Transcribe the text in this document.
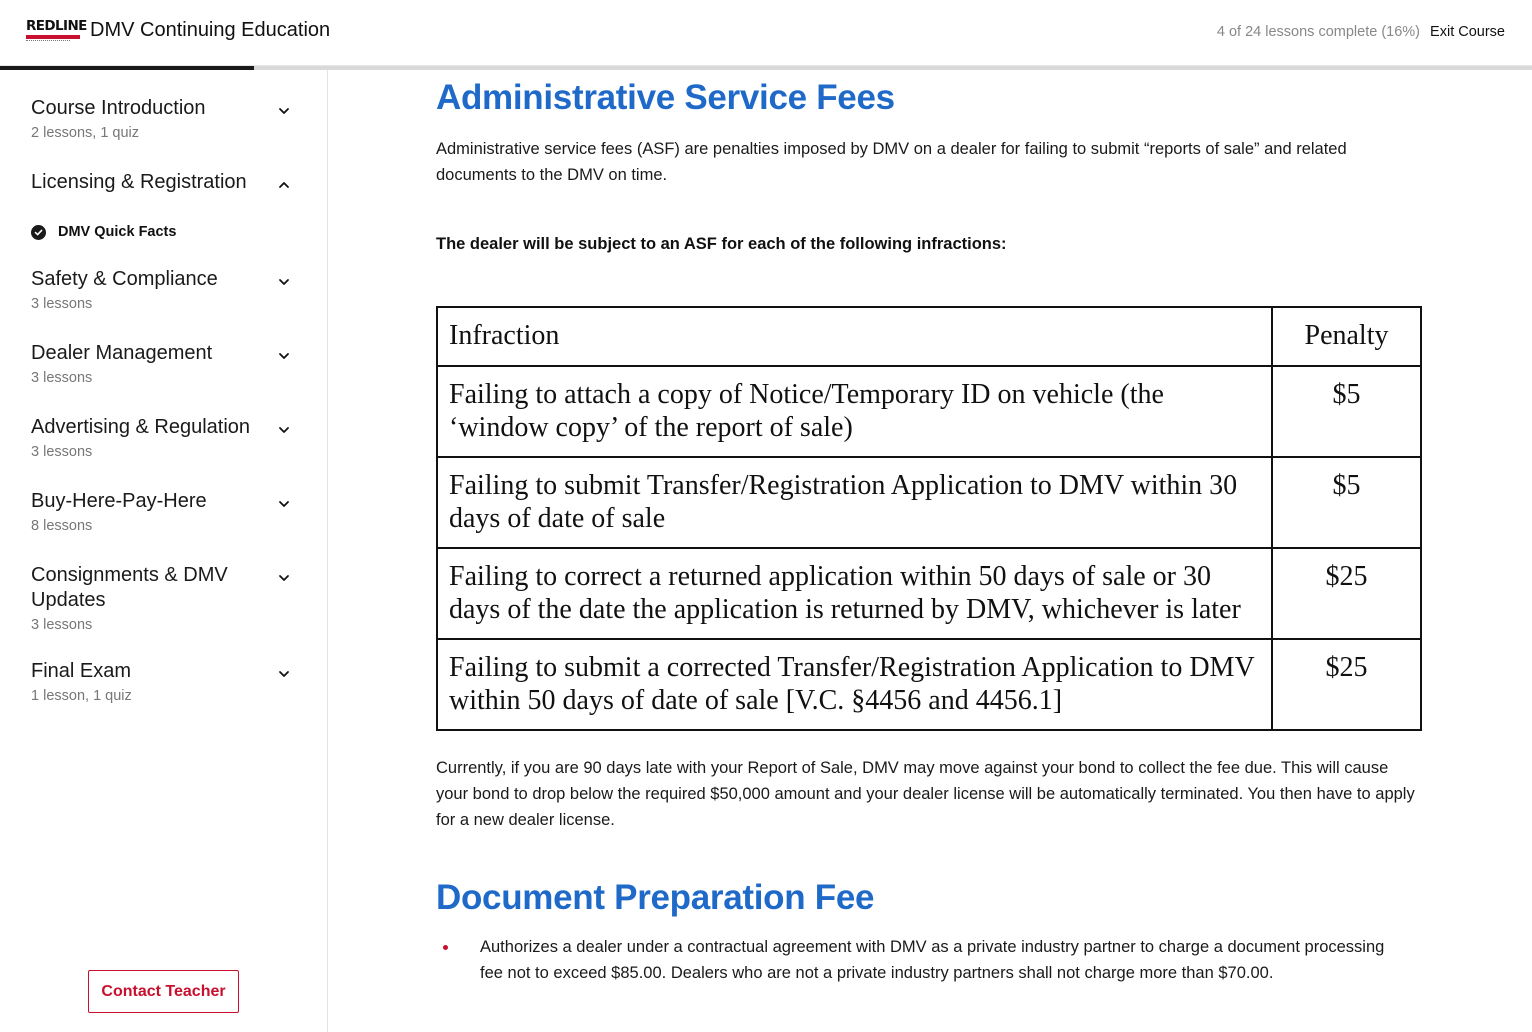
REDLINE DMV Continuing Education	4 of 24 lessons complete (16%) Exit Course
Course Introduction
2 lessons, 1 quiz
Licensing & Registration
DMV Quick Facts
Safety & Compliance
3 lessons
Dealer Management
3 lessons
Advertising & Regulation
3 lessons
Buy-Here-Pay-Here
8 lessons
Consignments & DMV Updates
3 lessons
Final Exam
1 lesson, 1 quiz
Contact Teacher
Administrative Service Fees

Administrative service fees (ASF) are penalties imposed by DMV on a dealer for failing to submit “reports of sale” and related documents to the DMV on time.

The dealer will be subject to an ASF for each of the following infractions:

Infraction	Penalty
Failing to attach a copy of Notice/Temporary ID on vehicle (the ‘window copy’ of the report of sale)	$5
Failing to submit Transfer/Registration Application to DMV within 30 days of date of sale	$5
Failing to correct a returned application within 50 days of sale or 30 days of the date the application is returned by DMV, whichever is later	$25
Failing to submit a corrected Transfer/Registration Application to DMV within 50 days of date of sale [V.C. §4456 and 4456.1]	$25

Currently, if you are 90 days late with your Report of Sale, DMV may move against your bond to collect the fee due. This will cause your bond to drop below the required $50,000 amount and your dealer license will be automatically terminated. You then have to apply for a new dealer license.

Document Preparation Fee
Authorizes a dealer under a contractual agreement with DMV as a private industry partner to charge a document processing fee not to exceed $85.00. Dealers who are not a private industry partners shall not charge more than $70.00.
